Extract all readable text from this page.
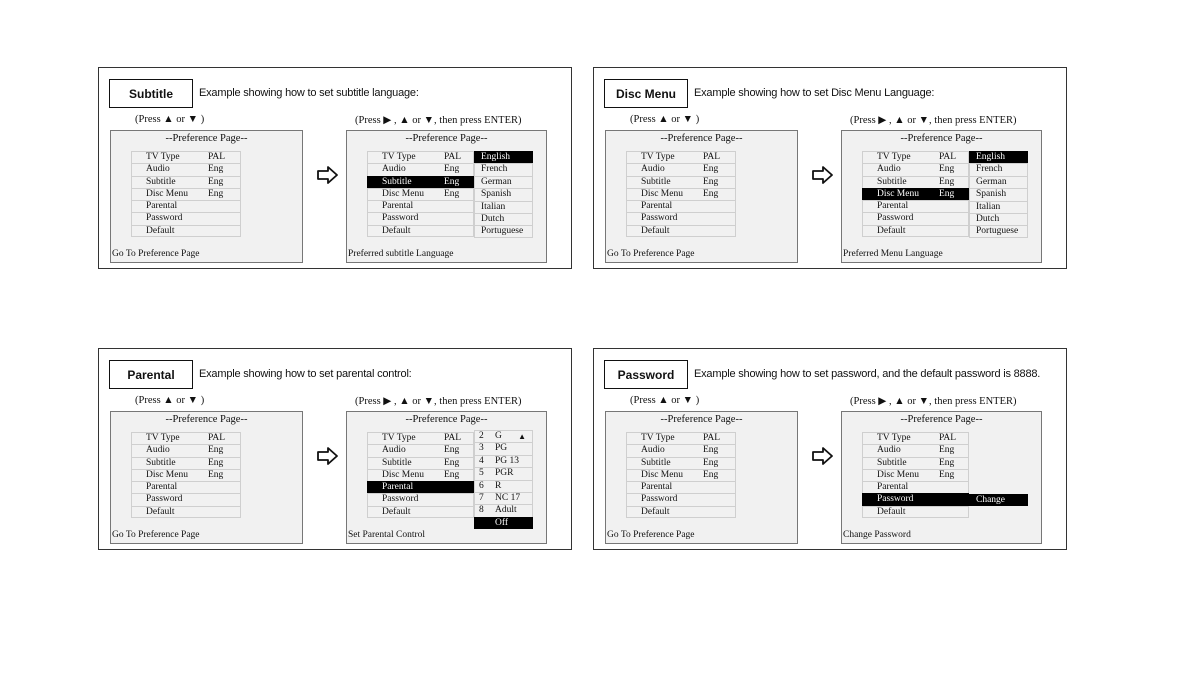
Subtitle	Example showing how to set subtitle language:
(Press ▲ or ▼ )	(Press ▶ , ▲ or ▼, then press ENTER)
--Preference Page--
TV Type	PAL
Audio	Eng
Subtitle	Eng
Disc Menu Eng
Parental
Password
Default
Go To Preference Page
--Preference Page--
TV Type	PAL
Audio	Eng
Subtitle	Eng
Disc Menu Eng
Parental
Password
Default
English
French
German
Spanish
Italian
Dutch
Portuguese
Preferred subtitle Language
Disc Menu	Example showing how to set Disc Menu Language:
(Press ▲ or ▼ )	(Press ▶ , ▲ or ▼, then press ENTER)
--Preference Page--
TV Type	PAL
Audio	Eng
Subtitle	Eng
Disc Menu Eng
Parental
Password
Default
Go To Preference Page
--Preference Page--
TV Type	PAL
Audio	Eng
Subtitle	Eng
Disc Menu Eng
Parental
Password
Default
English
French
German
Spanish
Italian
Dutch
Portuguese
Preferred Menu Language
Parental	Example showing how to set parental control:
(Press ▲ or ▼ )	(Press ▶ , ▲ or ▼, then press ENTER)
--Preference Page--
TV Type	PAL
Audio	Eng
Subtitle	Eng
Disc Menu Eng
Parental
Password
Default
Go To Preference Page
--Preference Page--
TV Type	PAL
Audio	Eng
Subtitle	Eng
Disc Menu Eng
Parental
Password
Default
2 G ▲
3 PG
4 PG 13
5 PGR
6 R
7 NC 17
8 Adult
Off
Set Parental Control
Password	Example showing how to set password, and the default password is 8888.
(Press ▲ or ▼ )	(Press ▶ , ▲ or ▼, then press ENTER)
--Preference Page--
TV Type	PAL
Audio	Eng
Subtitle	Eng
Disc Menu Eng
Parental
Password
Default
Go To Preference Page
--Preference Page--
TV Type	PAL
Audio	Eng
Subtitle	Eng
Disc Menu Eng
Parental
Password
Default
Change
Change Password
